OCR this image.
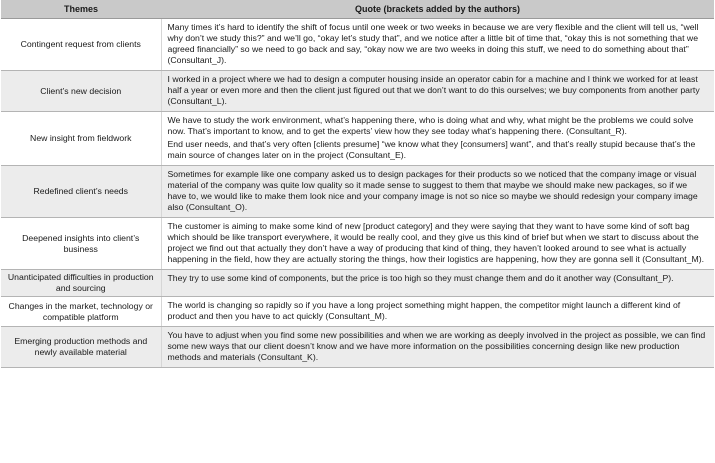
Themes	Quote (brackets added by the authors)
Contingent request from clients	Many times it’s hard to identify the shift of focus until one week or two weeks in because we are very flexible and the client will tell us, “well why don’t we study this?” and we’ll go, “okay let’s study that”, and we notice after a little bit of time that, “okay this is not something that we agreed financially” so we need to go back and say, “okay now we are two weeks in doing this stuff, we need to do something about that” (Consultant_J).

Client’s new decision	I worked in a project where we had to design a computer housing inside an operator cabin for a machine and I think we worked for at least half a year or even more and then the client just figured out that we don’t want to do this ourselves; we buy components from another party (Consultant_L).

New insight from fieldwork	We have to study the work environment, what’s happening there, who is doing what and why, what might be the problems we could solve now. That’s important to know, and to get the experts’ view how they see today what’s happening there. (Consultant_R).

End user needs, and that’s very often [clients presume] “we know what they [consumers] want”, and that’s really stupid because that’s the main source of changes later on in the project (Consultant_E).

Redefined client’s needs	Sometimes for example like one company asked us to design packages for their products so we noticed that the company image or visual material of the company was quite low quality so it made sense to suggest to them that maybe we should make new packages, so if we have to, we would like to make them look nice and your company image is not so nice so maybe we should redesign your company image also (Consultant_O).

Deepened insights into client’s business	The customer is aiming to make some kind of new [product category] and they were saying that they want to have some kind of soft bag which should be like transport everywhere, it would be really cool, and they give us this kind of brief but when we start to discuss about the project we find out that actually they don’t have a way of producing that kind of thing, they haven’t looked around to see what is actually happening in the field, how they are actually storing the things, how their logistics are happening, how they are gonna sell it (Consultant_M).

Unanticipated difficulties in production and sourcing	They try to use some kind of components, but the price is too high so they must change them and do it another way (Consultant_P).

Changes in the market, technology or compatible platform	The world is changing so rapidly so if you have a long project something might happen, the competitor might launch a different kind of product and then you have to act quickly (Consultant_M).

Emerging production methods and newly available material	You have to adjust when you find some new possibilities and when we are working as deeply involved in the project as possible, we can find some new ways that our client doesn’t know and we have more information on the possibilities concerning design like new production methods and materials (Consultant_K).
